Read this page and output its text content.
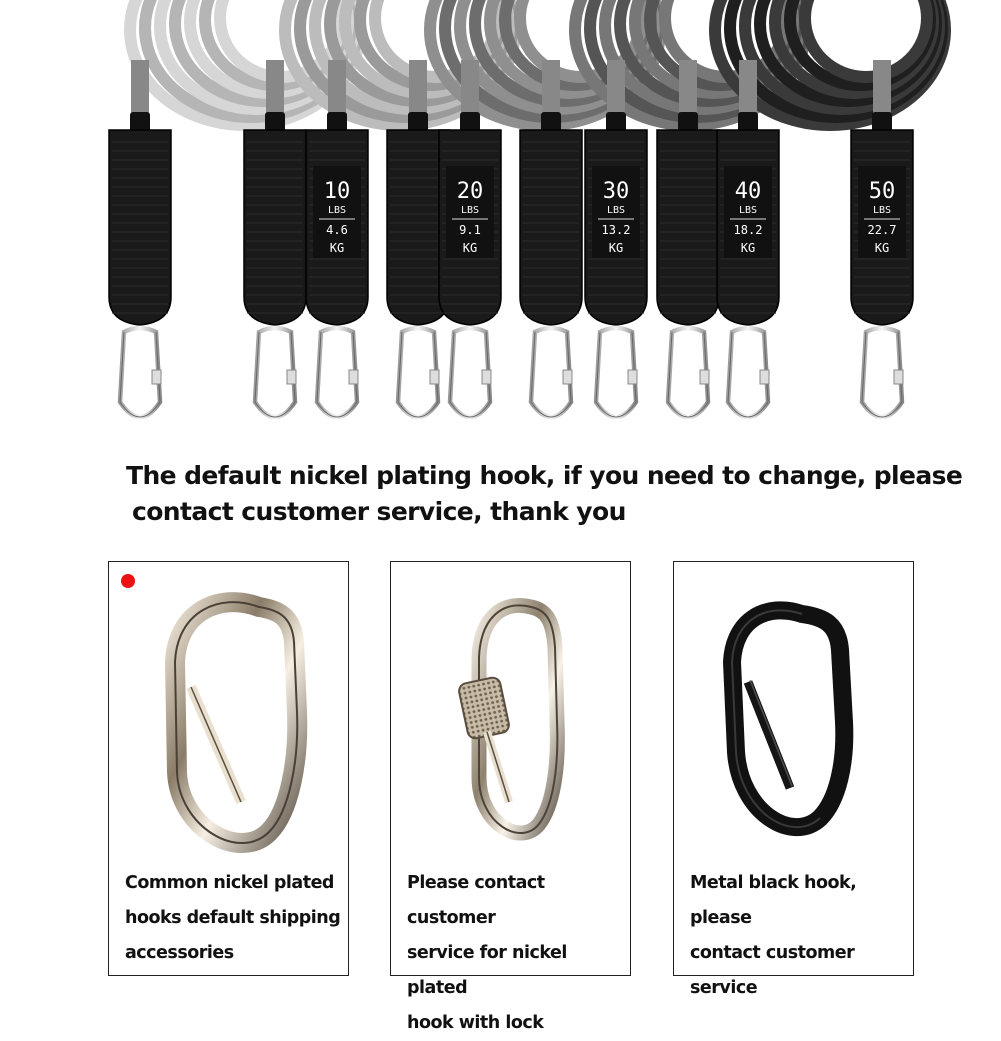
10
LBS
4.6
KG
20
LBS
9.1
KG
30
LBS
13.2
KG
40
LBS
18.2
KG
50
LBS
22.7
KG
The default nickel plating hook, if you need to change, please
contact customer service, thank you
Common nickel plated
hooks default shipping
accessories
Please contact customer
service for nickel plated
hook with lock
Metal black hook, please
contact customer service
